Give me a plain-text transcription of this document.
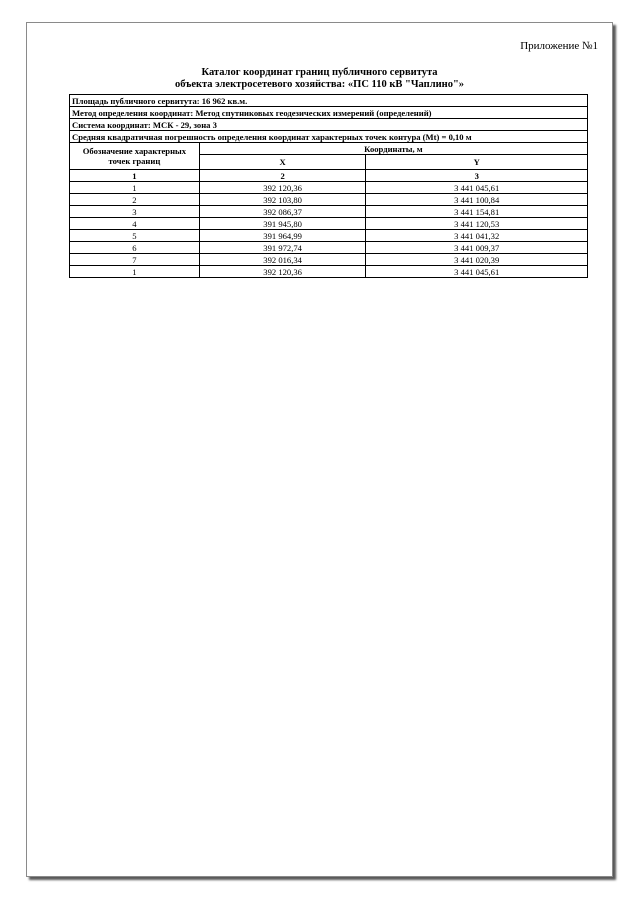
Приложение №1
Каталог координат границ публичного сервитута
объекта электросетевого хозяйства: «ПС 110 кВ "Чаплино"»
Площадь публичного сервитута: 16 962 кв.м.		
Метод определения координат: Метод спутниковых геодезических измерений (определений)		
Система координат: МСК - 29, зона 3		
Средняя квадратичная погрешность определения координат характерных точек контура (Mt) = 0,10 м		
Обозначение характерных точек границ	Координаты, м	
	X	Y
1	2	3
1	392 120,36	3 441 045,61
2	392 103,80	3 441 100,84
3	392 086,37	3 441 154,81
4	391 945,80	3 441 120,53
5	391 964,99	3 441 041,32
6	391 972,74	3 441 009,37
7	392 016,34	3 441 020,39
1	392 120,36	3 441 045,61
